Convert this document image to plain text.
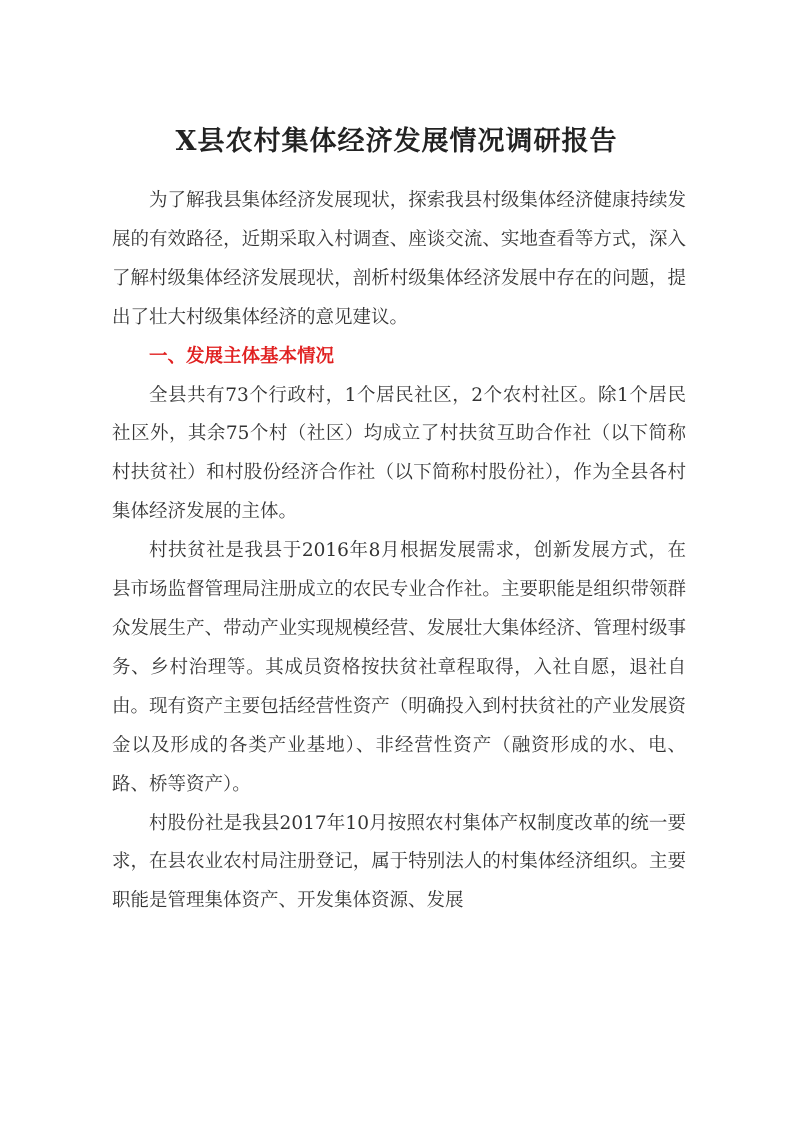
X县农村集体经济发展情况调研报告

为了解我县集体经济发展现状，探索我县村级集体经济健康持续发展的有效路径，近期采取入村调查、座谈交流、实地查看等方式，深入了解村级集体经济发展现状，剖析村级集体经济发展中存在的问题，提出了壮大村级集体经济的意见建议。

一、发展主体基本情况

全县共有73个行政村，1个居民社区，2个农村社区。除1个居民社区外，其余75个村（社区）均成立了村扶贫互助合作社（以下简称村扶贫社）和村股份经济合作社（以下简称村股份社），作为全县各村集体经济发展的主体。

村扶贫社是我县于2016年8月根据发展需求，创新发展方式，在县市场监督管理局注册成立的农民专业合作社。主要职能是组织带领群众发展生产、带动产业实现规模经营、发展壮大集体经济、管理村级事务、乡村治理等。其成员资格按扶贫社章程取得，入社自愿，退社自由。现有资产主要包括经营性资产（明确投入到村扶贫社的产业发展资金以及形成的各类产业基地）、非经营性资产（融资形成的水、电、路、桥等资产）。

村股份社是我县2017年10月按照农村集体产权制度改革的统一要求，在县农业农村局注册登记，属于特别法人的村集体经济组织。主要职能是管理集体资产、开发集体资源、发展
